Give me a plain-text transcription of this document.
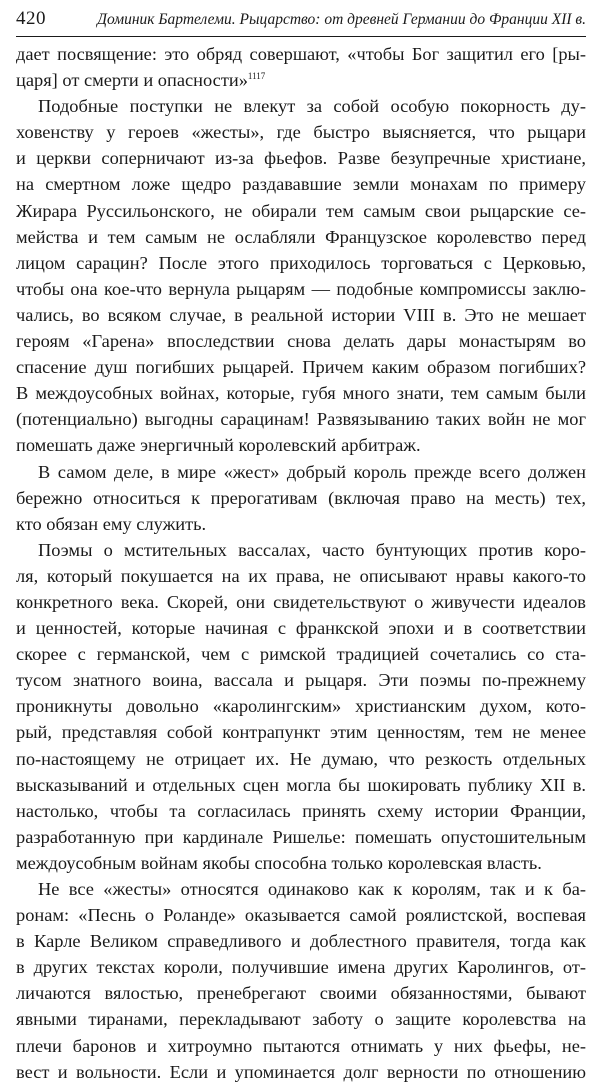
420	Доминик Бартелеми. Рыцарство: от древней Германии до Франции XII в.
дает посвящение: это обряд совершают, «чтобы Бог защитил его [ры-
царя] от смерти и опасности»$^{1117}$
Подобные поступки не влекут за собой особую покорность ду-
ховенству у героев «жесты», где быстро выясняется, что рыцари
и церкви соперничают из-за фьефов. Разве безупречные христиане,
на смертном ложе щедро раздававшие земли монахам по примеру
Жирара Руссильонского, не обирали тем самым свои рыцарские се-
мейства и тем самым не ослабляли Французское королевство перед
лицом сарацин? После этого приходилось торговаться с Церковью,
чтобы она кое-что вернула рыцарям — подобные компромиссы заклю-
чались, во всяком случае, в реальной истории VIII в. Это не мешает
героям «Гарена» впоследствии снова делать дары монастырям во
спасение душ погибших рыцарей. Причем каким образом погибших?
В междоусобных войнах, которые, губя много знати, тем самым были
(потенциально) выгодны сарацинам! Развязыванию таких войн не мог
помешать даже энергичный королевский арбитраж.
В самом деле, в мире «жест» добрый король прежде всего должен
бережно относиться к прерогативам (включая право на месть) тех,
кто обязан ему служить.
Поэмы о мстительных вассалах, часто бунтующих против коро-
ля, который покушается на их права, не описывают нравы какого-то
конкретного века. Скорей, они свидетельствуют о живучести идеалов
и ценностей, которые начиная с франкской эпохи и в соответствии
скорее с германской, чем с римской традицией сочетались со ста-
тусом знатного воина, вассала и рыцаря. Эти поэмы по-прежнему
проникнуты довольно «каролингским» христианским духом, кото-
рый, представляя собой контрапункт этим ценностям, тем не менее
по-настоящему не отрицает их. Не думаю, что резкость отдельных
высказываний и отдельных сцен могла бы шокировать публику XII в.
настолько, чтобы та согласилась принять схему истории Франции,
разработанную при кардинале Ришелье: помешать опустошительным
междоусобным войнам якобы способна только королевская власть.
Не все «жесты» относятся одинаково как к королям, так и к ба-
ронам: «Песнь о Роланде» оказывается самой роялистской, воспевая
в Карле Великом справедливого и доблестного правителя, тогда как
в других текстах короли, получившие имена других Каролингов, от-
личаются вялостью, пренебрегают своими обязанностями, бывают
явными тиранами, перекладывают заботу о защите королевства на
плечи баронов и хитроумно пытаются отнимать у них фьефы, не-
вест и вольности. Если и упоминается долг верности по отношению
